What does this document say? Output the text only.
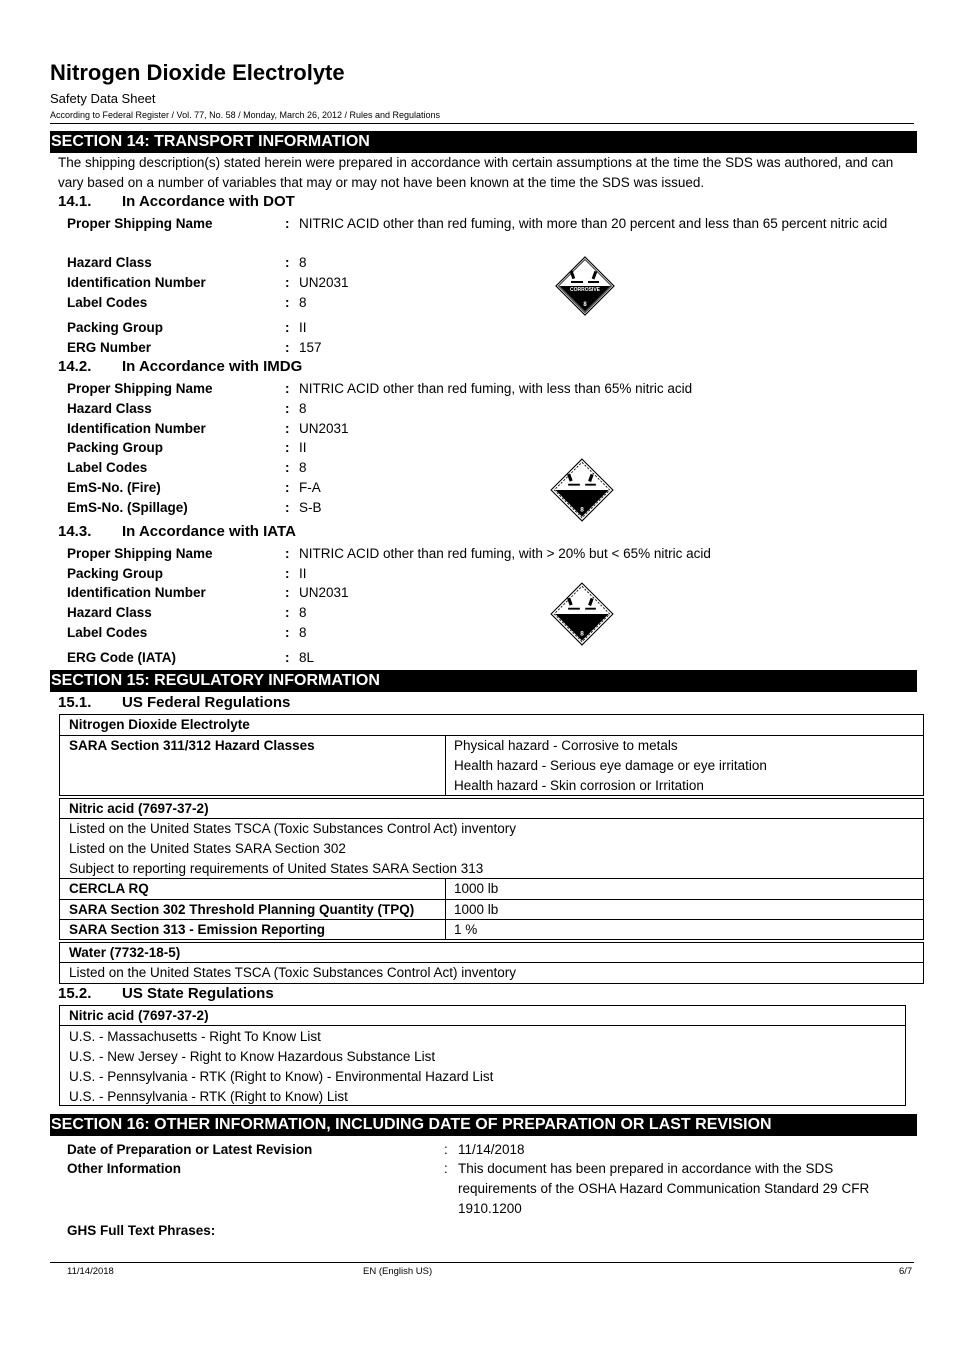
Nitrogen Dioxide Electrolyte
Safety Data Sheet
According to Federal Register / Vol. 77, No. 58 / Monday, March 26, 2012 / Rules and Regulations
SECTION 14: TRANSPORT INFORMATION
The shipping description(s) stated herein were prepared in accordance with certain assumptions at the time the SDS was authored, and can vary based on a number of variables that may or may not have been known at the time the SDS was issued.
14.1. In Accordance with DOT
Proper Shipping Name	: NITRIC ACID other than red fuming, with more than 20 percent and less than 65 percent nitric acid
Hazard Class	: 8
Identification Number	: UN2031
Label Codes	: 8
Packing Group	: II
ERG Number	: 157
CORROSIVE
8
14.2. In Accordance with IMDG
Proper Shipping Name	: NITRIC ACID other than red fuming, with less than 65% nitric acid
Hazard Class	: 8
Identification Number	: UN2031
Packing Group	: II
Label Codes	: 8
EmS-No. (Fire)	: F-A
EmS-No. (Spillage)	: S-B	8
14.3. In Accordance with IATA
Proper Shipping Name	: NITRIC ACID other than red fuming, with > 20% but < 65% nitric acid
Packing Group	: II
Identification Number	: UN2031
Hazard Class	: 8
Label Codes	: 8
ERG Code (IATA)	: 8L
8
SECTION 15: REGULATORY INFORMATION
15.1. US Federal Regulations
Nitrogen Dioxide Electrolyte
SARA Section 311/312 Hazard Classes	Physical hazard - Corrosive to metals
Health hazard - Serious eye damage or eye irritation
Health hazard - Skin corrosion or Irritation
Nitric acid (7697-37-2)
Listed on the United States TSCA (Toxic Substances Control Act) inventory
Listed on the United States SARA Section 302
Subject to reporting requirements of United States SARA Section 313
CERCLA RQ	1000 lb
SARA Section 302 Threshold Planning Quantity (TPQ)	1000 lb
SARA Section 313 - Emission Reporting	1 %
Water (7732-18-5)
Listed on the United States TSCA (Toxic Substances Control Act) inventory
15.2. US State Regulations
Nitric acid (7697-37-2)
U.S. - Massachusetts - Right To Know List
U.S. - New Jersey - Right to Know Hazardous Substance List
U.S. - Pennsylvania - RTK (Right to Know) - Environmental Hazard List
U.S. - Pennsylvania - RTK (Right to Know) List
SECTION 16: OTHER INFORMATION, INCLUDING DATE OF PREPARATION OR LAST REVISION
Date of Preparation or Latest Revision	: 11/14/2018
Other Information	: This document has been prepared in accordance with the SDS requirements of the OSHA Hazard Communication Standard 29 CFR 1910.1200
GHS Full Text Phrases:
11/14/2018	EN (English US)	6/7
